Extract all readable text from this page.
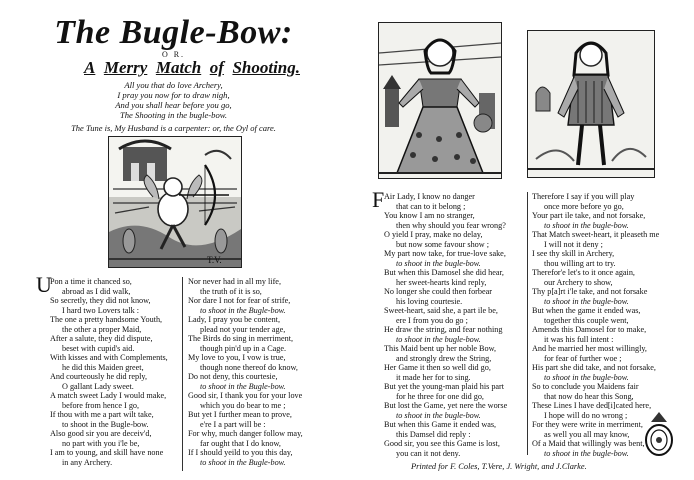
The Bugle-Bow:
O R.
A Merry Match of Shooting.
All you that do love Archery,
I pray you now for to draw nigh,
And you shall hear before you go,
The Shooting in the bugle-bow.
The Tune is, My Husband is a carpenter: or, the Oyl of care.
T.V.
U
Pon a time it chanced so,
abroad as I did walk,
So secretly, they did not know,
I hard two Lovers talk :
The one a pretty handsome Youth,
the other a proper Maid,
After a salute, they did dispute,
beset with cupid's aid.
With kisses and with Complements,
he did this Maiden greet,
And courteously he did reply,
O gallant Lady sweet.
A match sweet Lady I would make,
before from hence I go,
If thou with me a part wilt take,
to shoot in the Bugle-bow.
Also good sir you are deceiv'd,
no part with you i'le be,
I am to young, and skill have none
in any Archery.
Nor never had in all my life,
the truth of it is so,
Nor dare I not for fear of strife,
to shoot in the Bugle-bow.
Lady, I pray you be content,
plead not your tender age,
The Birds do sing in merriment,
though pin'd up in a Cage.
My love to you, I vow is true,
though none thereof do know,
Do not deny, this courtesie,
to shoot in the Bugle-bow.
Good sir, I thank you for your love
which you do bear to me ;
But yet I further mean to prove,
e're I a part will be :
For why, much danger follow may,
far ought that I do know,
If I should yeild to you this day,
to shoot in the Bugle-bow.
F Air Lady, I know no danger
that can to it belong ;
You know I am no stranger,
then why should you fear wrong?
O yield I pray, make no delay,
but now some favour show ;
My part now take, for true-love sake,
to shoot in the bugle-bow.
But when this Damosel she did hear,
her sweet-hearts kind reply,
No longer she could then forbear
his loving courtesie.
Sweet-heart, said she, a part ile be,
ere I from you do go ;
He draw the string, and fear nothing
to shoot in the bugle-bow.
This Maid bent up her noble Bow,
and strongly drew the String,
Her Game it then so well did go,
it made her for to sing.
But yet the young-man plaid his part
for he three for one did go,
But lost the Game, yet nere the worse
to shoot in the bugle-bow.
But when this Game it ended was,
this Damsel did reply :
Good sir, you see this Game is lost,
you can it not deny.
Therefore I say if you will play
once more before yo go,
Your part ile take, and not forsake,
to shoot in the bugle-bow.
That Match sweet-heart, it pleaseth me
I will not it deny ;
I see thy skill in Archery,
thou willing art to try.
Therefor'e let's to it once again,
our Archery to show,
Thy p[a]rt i'le take, and not forsake
to shoot in the bugle-bow.
But when the game it ended was,
together this couple went,
Amends this Damosel for to make,
it was his full intent :
And he married her most willingly,
for fear of further woe ;
His part she did take, and not forsake,
to shoot in the bugle-bow.
So to conclude you Maidens fair
that now do hear this Song,
These Lines I have ded[i]cated here,
I hope will do no wrong ;
For they were write in merriment,
as well you all may know,
Of a Maid that willingly was bent,
to shoot in the bugle-bow.
Printed for F. Coles, T.Vere, J. Wright, and J.Clarke.
